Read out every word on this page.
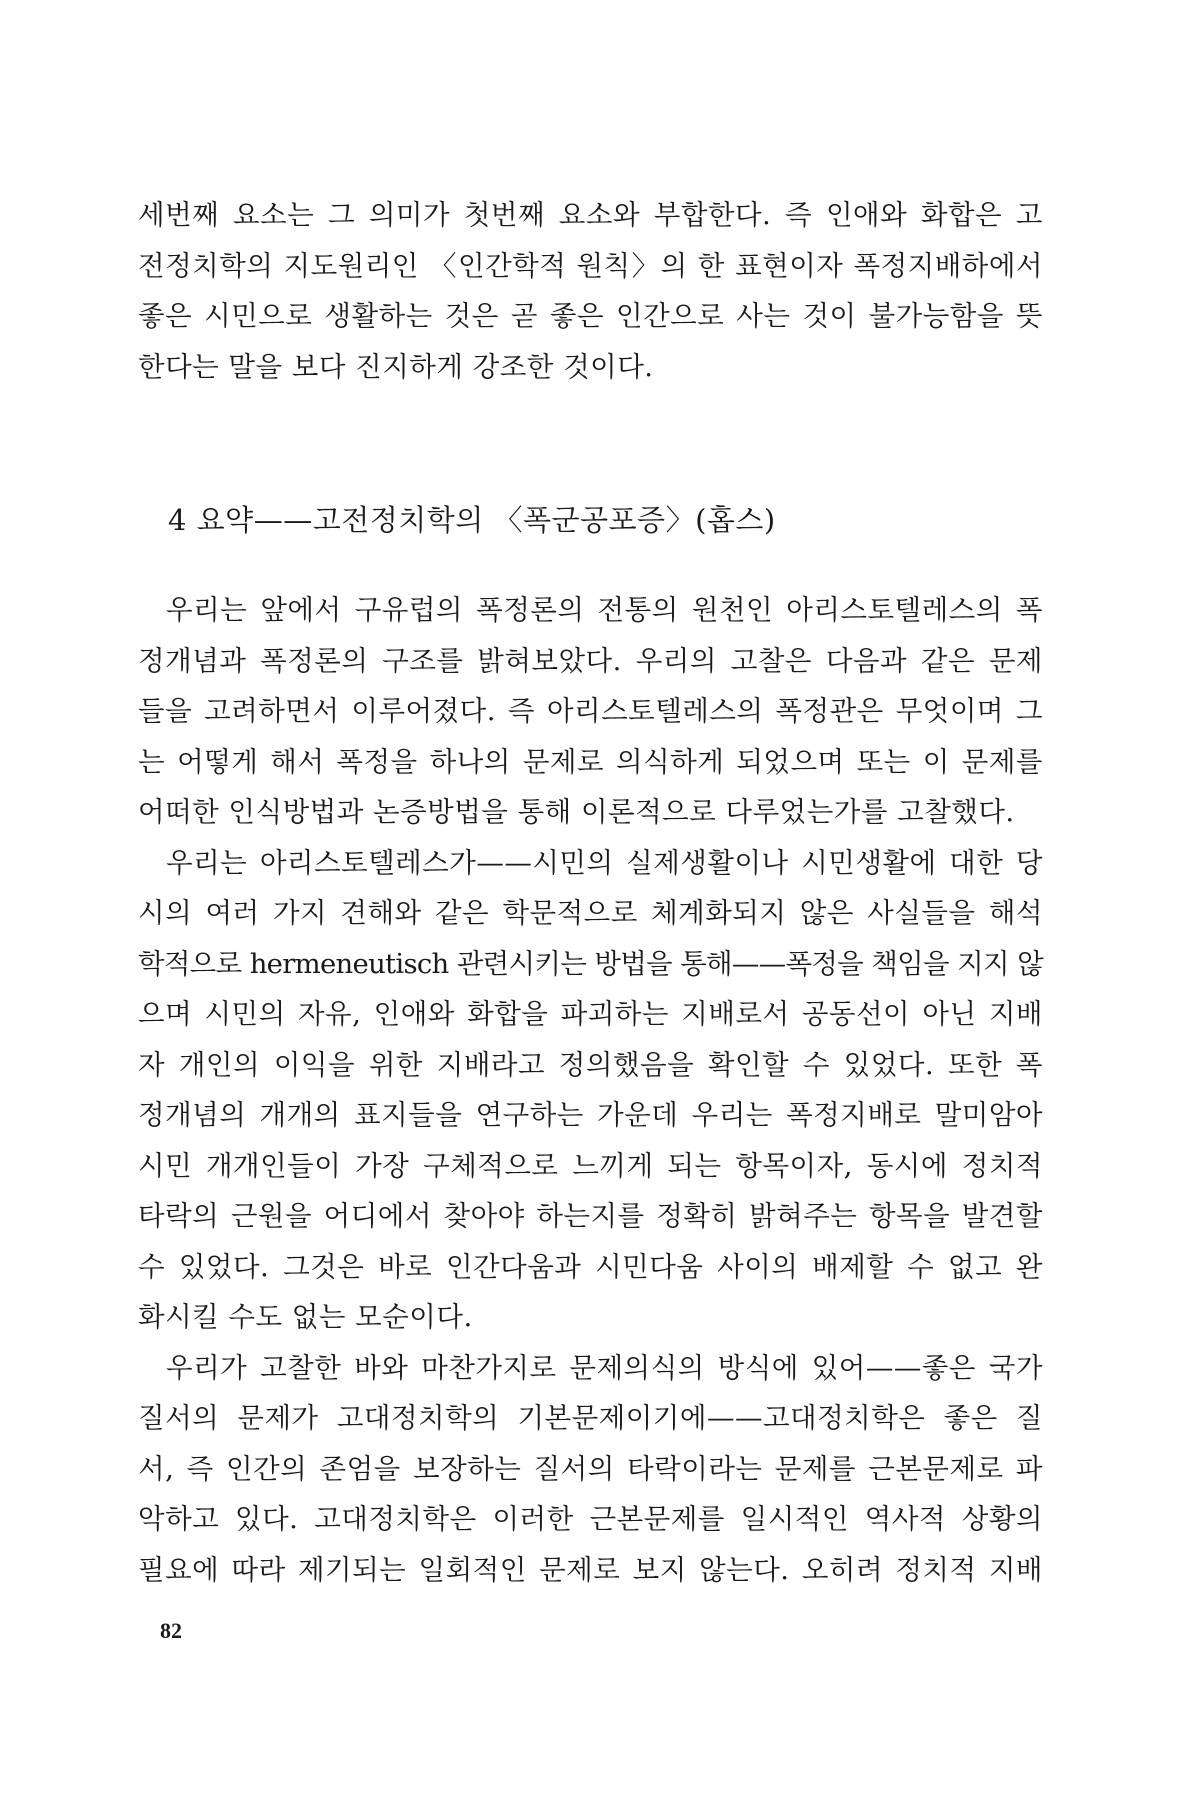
세번째 요소는 그 의미가 첫번째 요소와 부합한다. 즉 인애와 화합은 고
전정치학의 지도원리인 〈인간학적 원칙〉의 한 표현이자 폭정지배하에서
좋은 시민으로 생활하는 것은 곧 좋은 인간으로 사는 것이 불가능함을 뜻
한다는 말을 보다 진지하게 강조한 것이다.
4 요약——고전정치학의 〈폭군공포증〉(홉스)
우리는 앞에서 구유럽의 폭정론의 전통의 원천인 아리스토텔레스의 폭
정개념과 폭정론의 구조를 밝혀보았다. 우리의 고찰은 다음과 같은 문제
들을 고려하면서 이루어졌다. 즉 아리스토텔레스의 폭정관은 무엇이며 그
는 어떻게 해서 폭정을 하나의 문제로 의식하게 되었으며 또는 이 문제를
어떠한 인식방법과 논증방법을 통해 이론적으로 다루었는가를 고찰했다.
우리는 아리스토텔레스가——시민의 실제생활이나 시민생활에 대한 당
시의 여러 가지 견해와 같은 학문적으로 체계화되지 않은 사실들을 해석
학적으로 hermeneutisch 관련시키는 방법을 통해——폭정을 책임을 지지 않
으며 시민의 자유, 인애와 화합을 파괴하는 지배로서 공동선이 아닌 지배
자 개인의 이익을 위한 지배라고 정의했음을 확인할 수 있었다. 또한 폭
정개념의 개개의 표지들을 연구하는 가운데 우리는 폭정지배로 말미암아
시민 개개인들이 가장 구체적으로 느끼게 되는 항목이자, 동시에 정치적
타락의 근원을 어디에서 찾아야 하는지를 정확히 밝혀주는 항목을 발견할
수 있었다. 그것은 바로 인간다움과 시민다움 사이의 배제할 수 없고 완
화시킬 수도 없는 모순이다.
우리가 고찰한 바와 마찬가지로 문제의식의 방식에 있어——좋은 국가
질서의 문제가 고대정치학의 기본문제이기에——고대정치학은 좋은 질
서, 즉 인간의 존엄을 보장하는 질서의 타락이라는 문제를 근본문제로 파
악하고 있다. 고대정치학은 이러한 근본문제를 일시적인 역사적 상황의
필요에 따라 제기되는 일회적인 문제로 보지 않는다. 오히려 정치적 지배
82
